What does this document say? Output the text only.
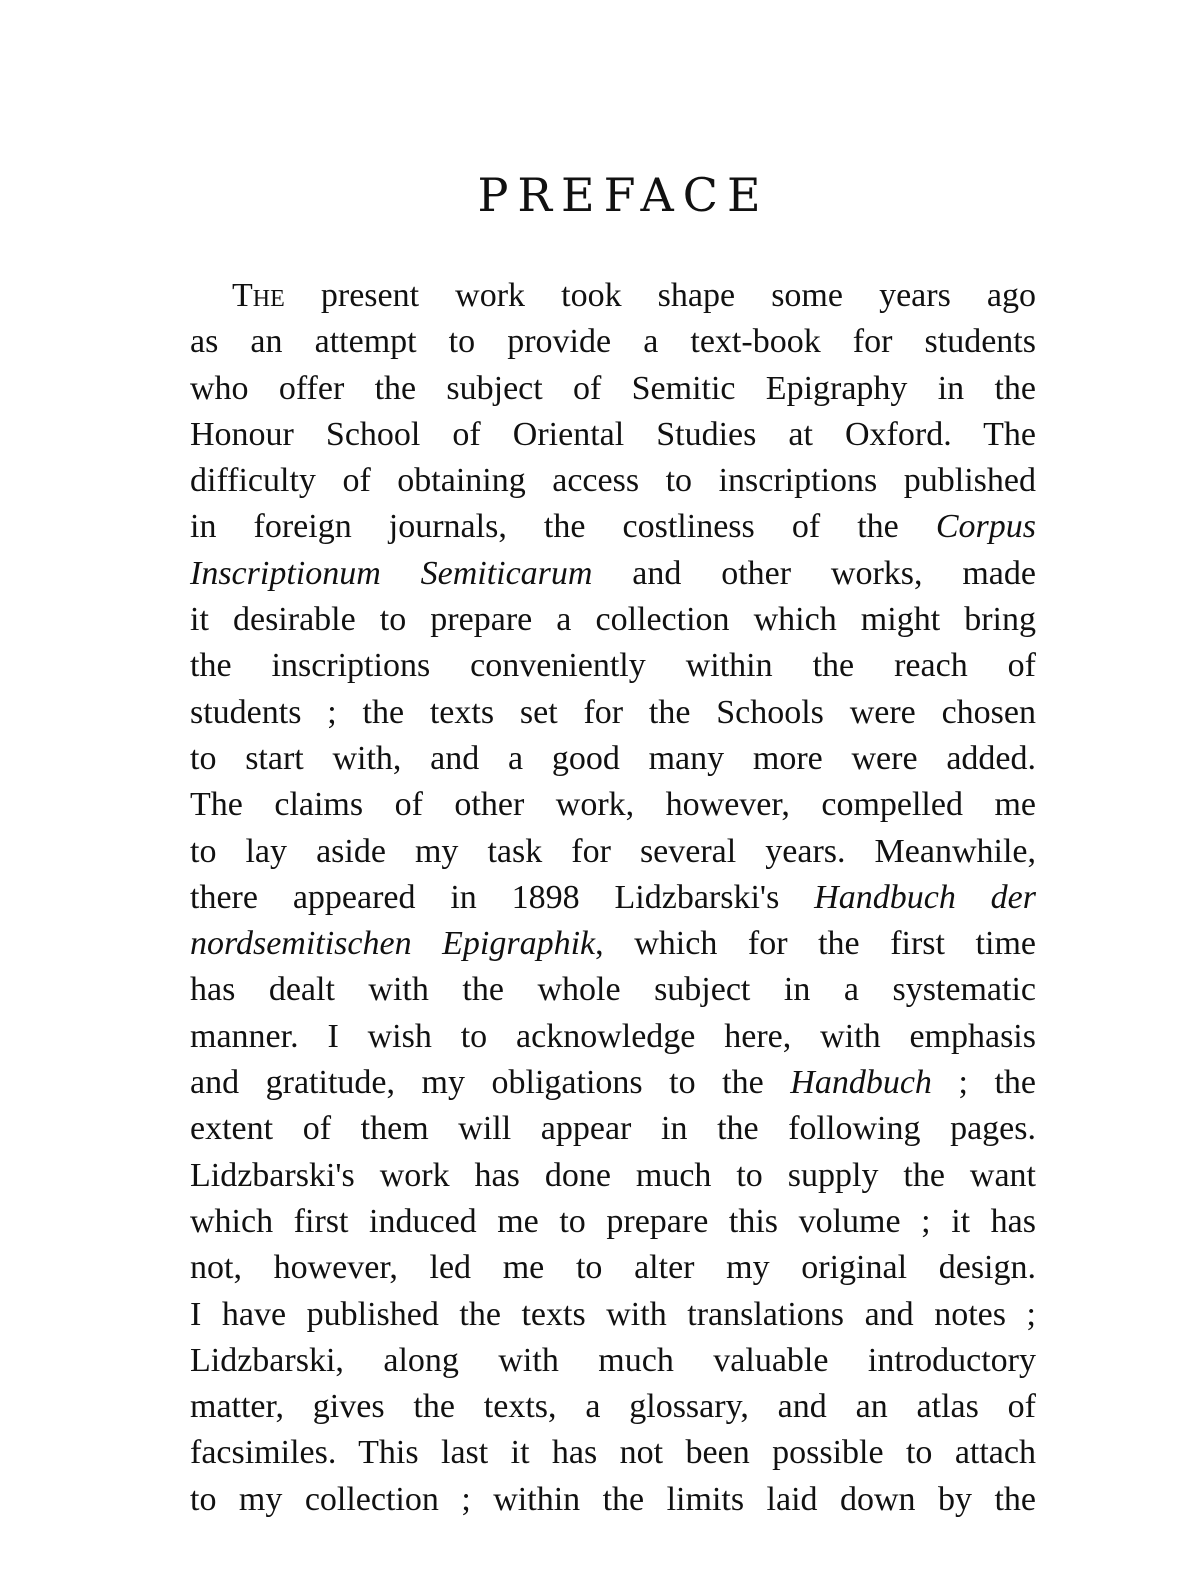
PREFACE
The present work took shape some years ago
as an attempt to provide a text-book for students
who offer the subject of Semitic Epigraphy in the
Honour School of Oriental Studies at Oxford. The
difficulty of obtaining access to inscriptions published
in foreign journals, the costliness of the Corpus
Inscriptionum Semiticarum and other works, made
it desirable to prepare a collection which might bring
the inscriptions conveniently within the reach of
students ; the texts set for the Schools were chosen
to start with, and a good many more were added.
The claims of other work, however, compelled me
to lay aside my task for several years. Meanwhile,
there appeared in 1898 Lidzbarski's Handbuch der
nordsemitischen Epigraphik, which for the first time
has dealt with the whole subject in a systematic
manner. I wish to acknowledge here, with emphasis
and gratitude, my obligations to the Handbuch ; the
extent of them will appear in the following pages.
Lidzbarski's work has done much to supply the want
which first induced me to prepare this volume ; it has
not, however, led me to alter my original design.
I have published the texts with translations and notes ;
Lidzbarski, along with much valuable introductory
matter, gives the texts, a glossary, and an atlas of
facsimiles. This last it has not been possible to attach
to my collection ; within the limits laid down by the
